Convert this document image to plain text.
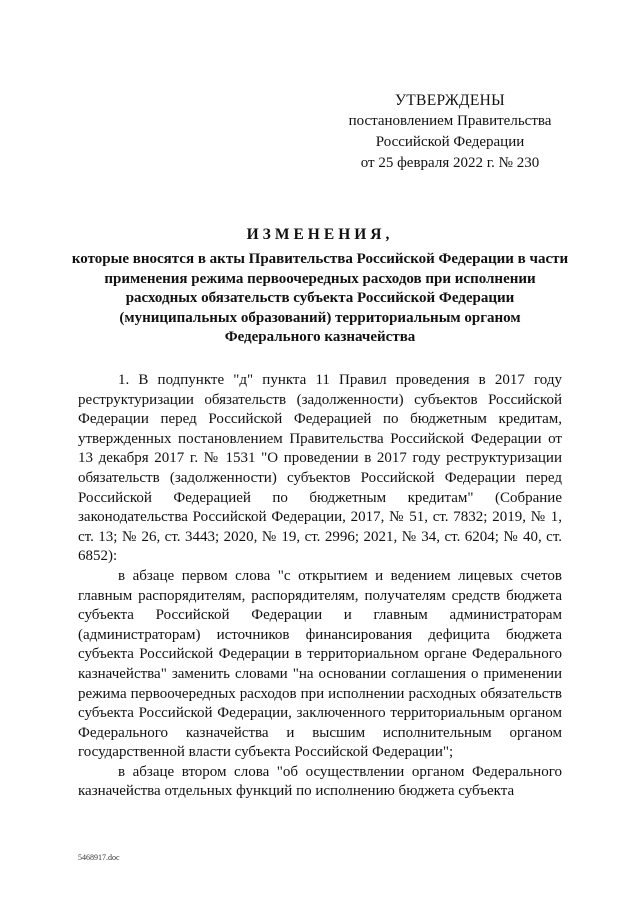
УТВЕРЖДЕНЫ
постановлением Правительства
Российской Федерации
от 25 февраля 2022 г. № 230
ИЗМЕНЕНИЯ,
которые вносятся в акты Правительства Российской Федерации в части применения режима первоочередных расходов при исполнении расходных обязательств субъекта Российской Федерации (муниципальных образований) территориальным органом Федерального казначейства

1. В подпункте "д" пункта 11 Правил проведения в 2017 году реструктуризации обязательств (задолженности) субъектов Российской Федерации перед Российской Федерацией по бюджетным кредитам, утвержденных постановлением Правительства Российской Федерации от 13 декабря 2017 г. № 1531 "О проведении в 2017 году реструктуризации обязательств (задолженности) субъектов Российской Федерации перед Российской Федерацией по бюджетным кредитам" (Собрание законодательства Российской Федерации, 2017, № 51, ст. 7832; 2019, № 1, ст. 13; № 26, ст. 3443; 2020, № 19, ст. 2996; 2021, № 34, ст. 6204; № 40, ст. 6852):

в абзаце первом слова "с открытием и ведением лицевых счетов главным распорядителям, распорядителям, получателям средств бюджета субъекта Российской Федерации и главным администраторам (администраторам) источников финансирования дефицита бюджета субъекта Российской Федерации в территориальном органе Федерального казначейства" заменить словами "на основании соглашения о применении режима первоочередных расходов при исполнении расходных обязательств субъекта Российской Федерации, заключенного территориальным органом Федерального казначейства и высшим исполнительным органом государственной власти субъекта Российской Федерации";

в абзаце втором слова "об осуществлении органом Федерального казначейства отдельных функций по исполнению бюджета субъекта

5468917.doc
